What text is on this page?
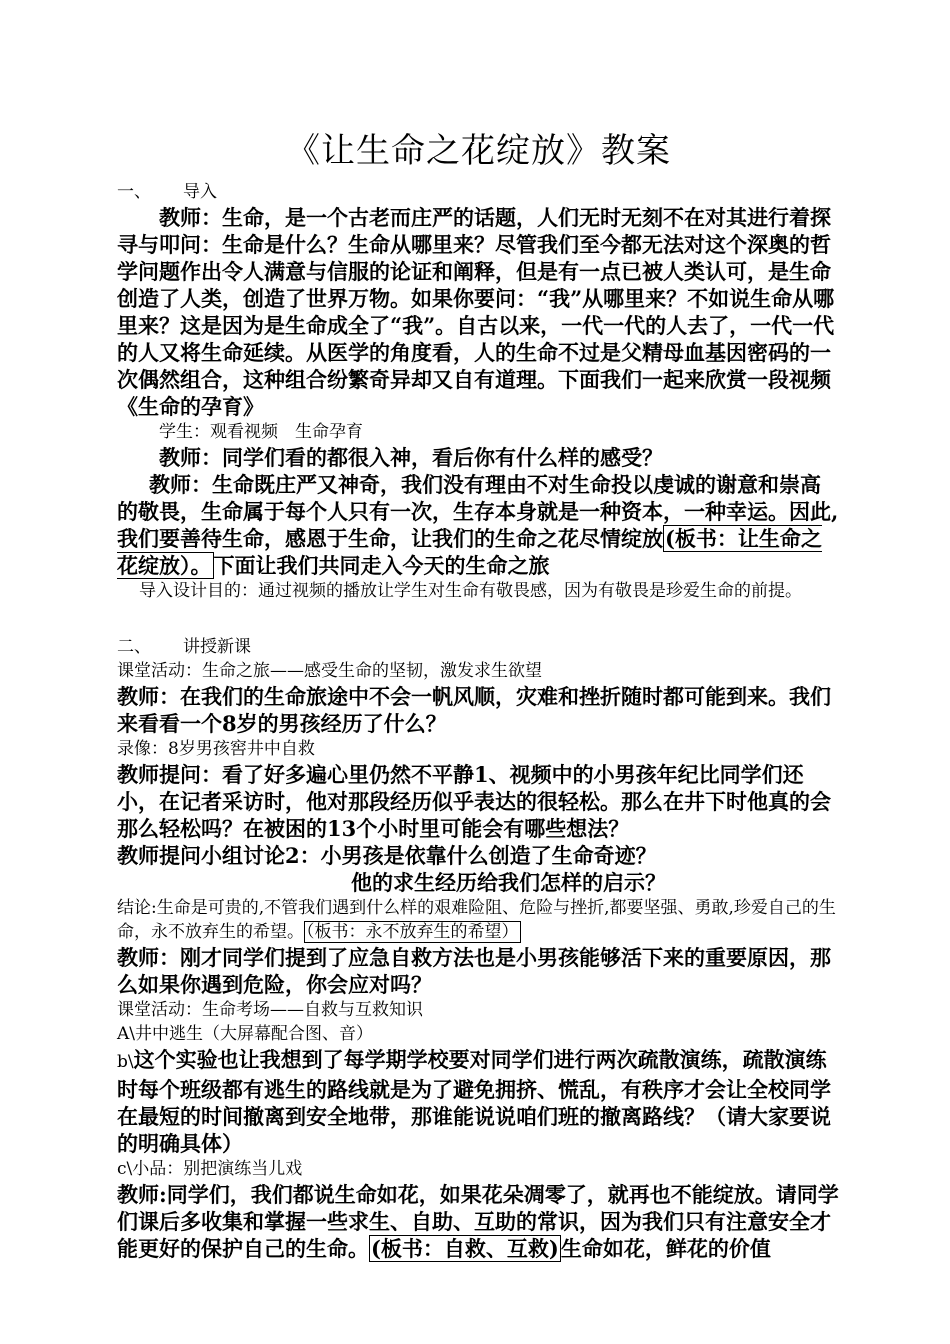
《让生命之花绽放》教案

一、 导入

教师：生命，是一个古老而庄严的话题，人们无时无刻不在对其进行着探寻与叩问：生命是什么？生命从哪里来？尽管我们至今都无法对这个深奥的哲学问题作出令人满意与信服的论证和阐释，但是有一点已被人类认可，是生命创造了人类，创造了世界万物。如果你要问：“我”从哪里来？不如说生命从哪里来？这是因为是生命成全了“我”。自古以来，一代一代的人去了，一代一代的人又将生命延续。从医学的角度看，人的生命不过是父精母血基因密码的一次偶然组合，这种组合纷繁奇异却又自有道理。下面我们一起来欣赏一段视频《生命的孕育》

学生：观看视频　生命孕育

教师：同学们看的都很入神，看后你有什么样的感受？

教师：生命既庄严又神奇，我们没有理由不对生命投以虔诚的谢意和崇高的敬畏，生命属于每个人只有一次，生存本身就是一种资本，一种幸运。因此,我们要善待生命，感恩于生命，让我们的生命之花尽情绽放(板书：让生命之花绽放）。下面让我们共同走入今天的生命之旅

导入设计目的：通过视频的播放让学生对生命有敬畏感，因为有敬畏是珍爱生命的前提。

二、 讲授新课

课堂活动：生命之旅——感受生命的坚韧，激发求生欲望

教师：在我们的生命旅途中不会一帆风顺，灾难和挫折随时都可能到来。我们来看看一个8岁的男孩经历了什么？

录像：8岁男孩窖井中自救

教师提问：看了好多遍心里仍然不平静1、视频中的小男孩年纪比同学们还小，在记者采访时，他对那段经历似乎表达的很轻松。那么在井下时他真的会那么轻松吗？在被困的13个小时里可能会有哪些想法？

教师提问小组讨论2：小男孩是依靠什么创造了生命奇迹？

他的求生经历给我们怎样的启示？

结论:生命是可贵的,不管我们遇到什么样的艰难险阻、危险与挫折,都要坚强、勇敢,珍爱自己的生命，永不放弃生的希望。 （板书：永不放弃生的希望）

教师：刚才同学们提到了应急自救方法也是小男孩能够活下来的重要原因，那么如果你遇到危险，你会应对吗？

课堂活动：生命考场——自救与互救知识

A\井中逃生（大屏幕配合图、音）

b\这个实验也让我想到了每学期学校要对同学们进行两次疏散演练，疏散演练时每个班级都有逃生的路线就是为了避免拥挤、慌乱，有秩序才会让全校同学在最短的时间撤离到安全地带，那谁能说说咱们班的撤离路线？（请大家要说的明确具体）

c\小品：别把演练当儿戏

教师:同学们，我们都说生命如花，如果花朵凋零了，就再也不能绽放。请同学们课后多收集和掌握一些求生、自助、互助的常识，因为我们只有注意安全才能更好的保护自己的生命。(板书：自救、互救)生命如花，鲜花的价值
